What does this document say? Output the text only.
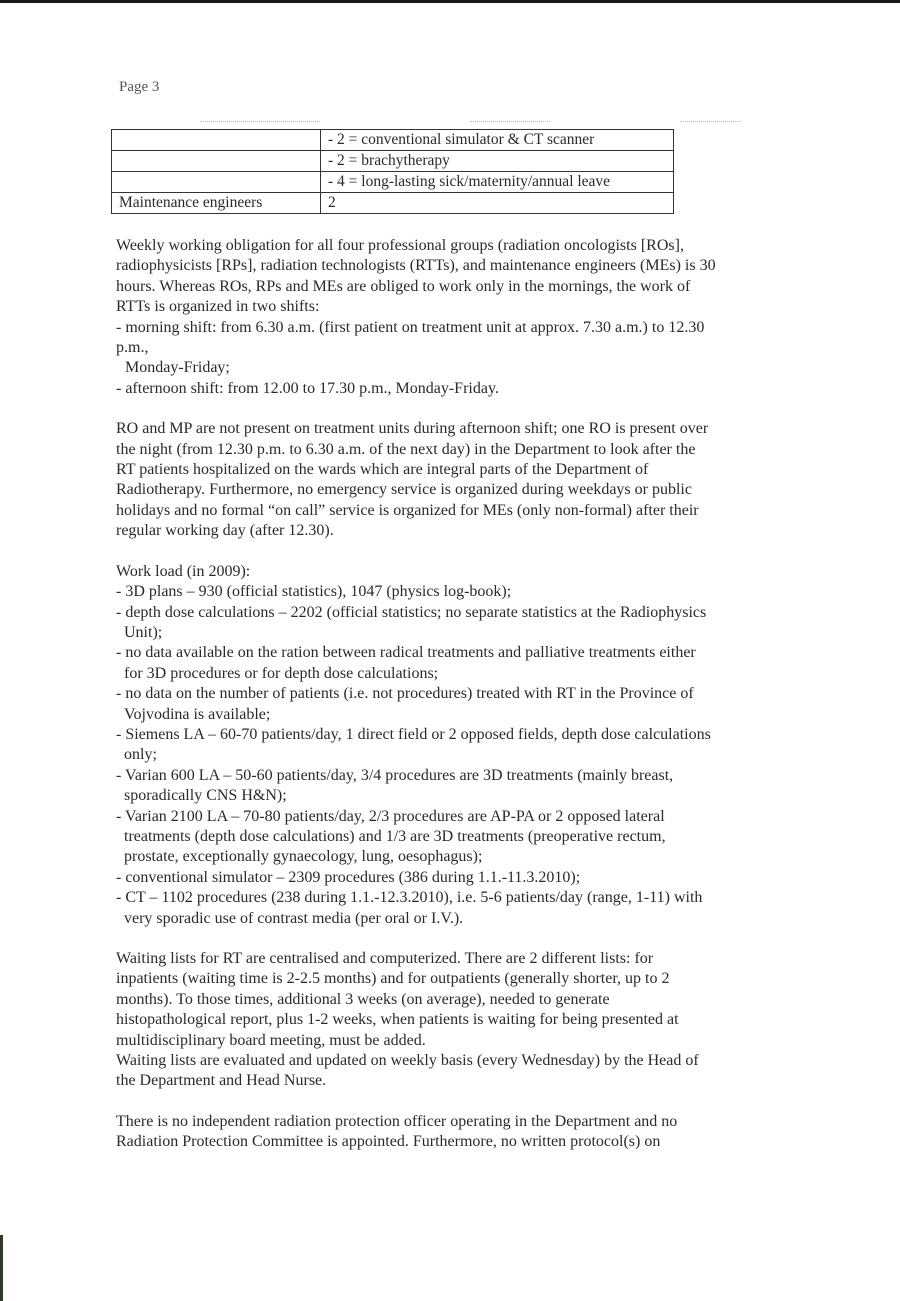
Page 3
	- 2 = conventional simulator & CT scanner
	- 2 = brachytherapy
	- 4 = long-lasting sick/maternity/annual leave
Maintenance engineers	2
Weekly working obligation for all four professional groups (radiation oncologists [ROs],
radiophysicists [RPs], radiation technologists (RTTs), and maintenance engineers (MEs) is 30
hours. Whereas ROs, RPs and MEs are obliged to work only in the mornings, the work of
RTTs is organized in two shifts:
- morning shift: from 6.30 a.m. (first patient on treatment unit at approx. 7.30 a.m.) to 12.30
p.m.,
Monday-Friday;
- afternoon shift: from 12.00 to 17.30 p.m., Monday-Friday.
RO and MP are not present on treatment units during afternoon shift; one RO is present over
the night (from 12.30 p.m. to 6.30 a.m. of the next day) in the Department to look after the
RT patients hospitalized on the wards which are integral parts of the Department of
Radiotherapy. Furthermore, no emergency service is organized during weekdays or public
holidays and no formal “on call” service is organized for MEs (only non-formal) after their
regular working day (after 12.30).
Work load (in 2009):
- 3D plans – 930 (official statistics), 1047 (physics log-book);
- depth dose calculations – 2202 (official statistics; no separate statistics at the Radiophysics
Unit);
- no data available on the ration between radical treatments and palliative treatments either
for 3D procedures or for depth dose calculations;
- no data on the number of patients (i.e. not procedures) treated with RT in the Province of
Vojvodina is available;
- Siemens LA – 60-70 patients/day, 1 direct field or 2 opposed fields, depth dose calculations
only;
- Varian 600 LA – 50-60 patients/day, 3/4 procedures are 3D treatments (mainly breast,
sporadically CNS H&N);
- Varian 2100 LA – 70-80 patients/day, 2/3 procedures are AP-PA or 2 opposed lateral
treatments (depth dose calculations) and 1/3 are 3D treatments (preoperative rectum,
prostate, exceptionally gynaecology, lung, oesophagus);
- conventional simulator – 2309 procedures (386 during 1.1.-11.3.2010);
- CT – 1102 procedures (238 during 1.1.-12.3.2010), i.e. 5-6 patients/day (range, 1-11) with
very sporadic use of contrast media (per oral or I.V.).
Waiting lists for RT are centralised and computerized. There are 2 different lists: for
inpatients (waiting time is 2-2.5 months) and for outpatients (generally shorter, up to 2
months). To those times, additional 3 weeks (on average), needed to generate
histopathological report, plus 1-2 weeks, when patients is waiting for being presented at
multidisciplinary board meeting, must be added.
Waiting lists are evaluated and updated on weekly basis (every Wednesday) by the Head of
the Department and Head Nurse.
There is no independent radiation protection officer operating in the Department and no
Radiation Protection Committee is appointed. Furthermore, no written protocol(s) on
